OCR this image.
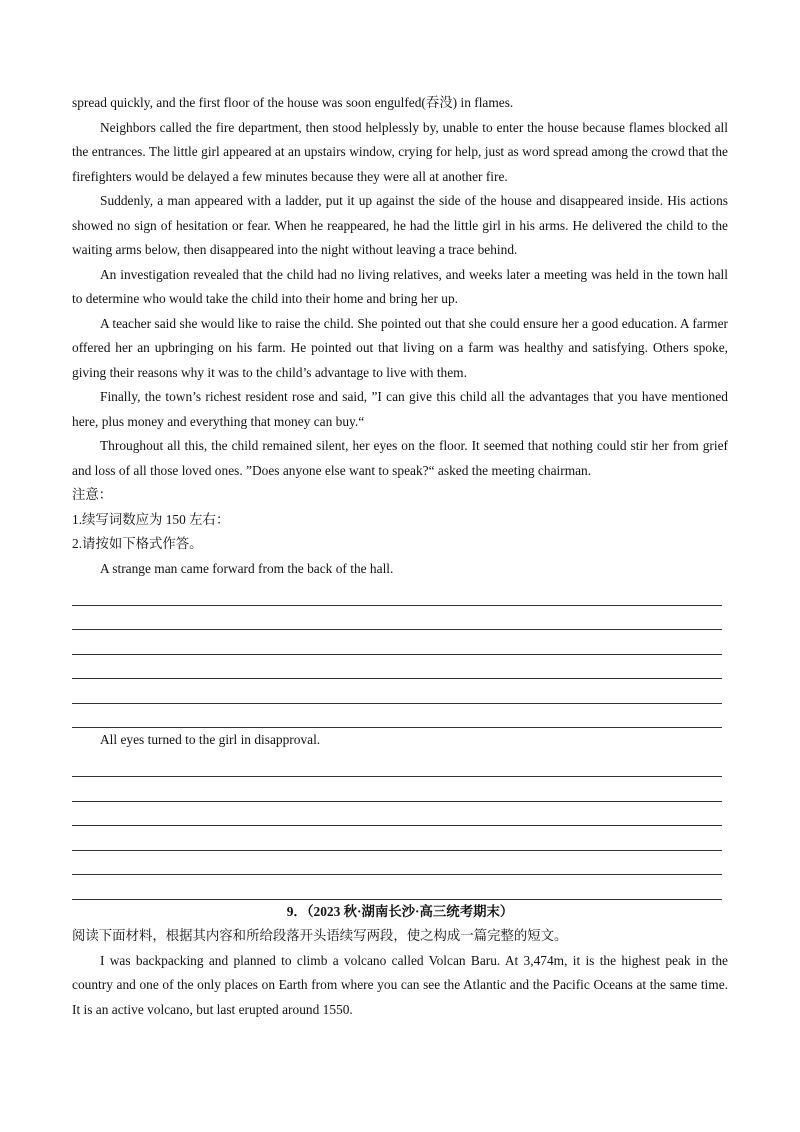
spread quickly, and the first floor of the house was soon engulfed(吞没) in flames.

Neighbors called the fire department, then stood helplessly by, unable to enter the house because flames blocked all the entrances. The little girl appeared at an upstairs window, crying for help, just as word spread among the crowd that the firefighters would be delayed a few minutes because they were all at another fire.

Suddenly, a man appeared with a ladder, put it up against the side of the house and disappeared inside. His actions showed no sign of hesitation or fear. When he reappeared, he had the little girl in his arms. He delivered the child to the waiting arms below, then disappeared into the night without leaving a trace behind.

An investigation revealed that the child had no living relatives, and weeks later a meeting was held in the town hall to determine who would take the child into their home and bring her up.

A teacher said she would like to raise the child. She pointed out that she could ensure her a good education. A farmer offered her an upbringing on his farm. He pointed out that living on a farm was healthy and satisfying. Others spoke, giving their reasons why it was to the child’s advantage to live with them.

Finally, the town’s richest resident rose and said, ”I can give this child all the advantages that you have mentioned here, plus money and everything that money can buy.“

Throughout all this, the child remained silent, her eyes on the floor. It seemed that nothing could stir her from grief and loss of all those loved ones. ”Does anyone else want to speak?“ asked the meeting chairman.

注意：

1.续写词数应为 150 左右：

2.请按如下格式作答。

A strange man came forward from the back of the hall.

All eyes turned to the girl in disapproval.

9．（2023 秋·湖南长沙·高三统考期末）

阅读下面材料，根据其内容和所给段落开头语续写两段，使之构成一篇完整的短文。

I was backpacking and planned to climb a volcano called Volcan Baru. At 3,474m, it is the highest peak in the country and one of the only places on Earth from where you can see the Atlantic and the Pacific Oceans at the same time. It is an active volcano, but last erupted around 1550.
